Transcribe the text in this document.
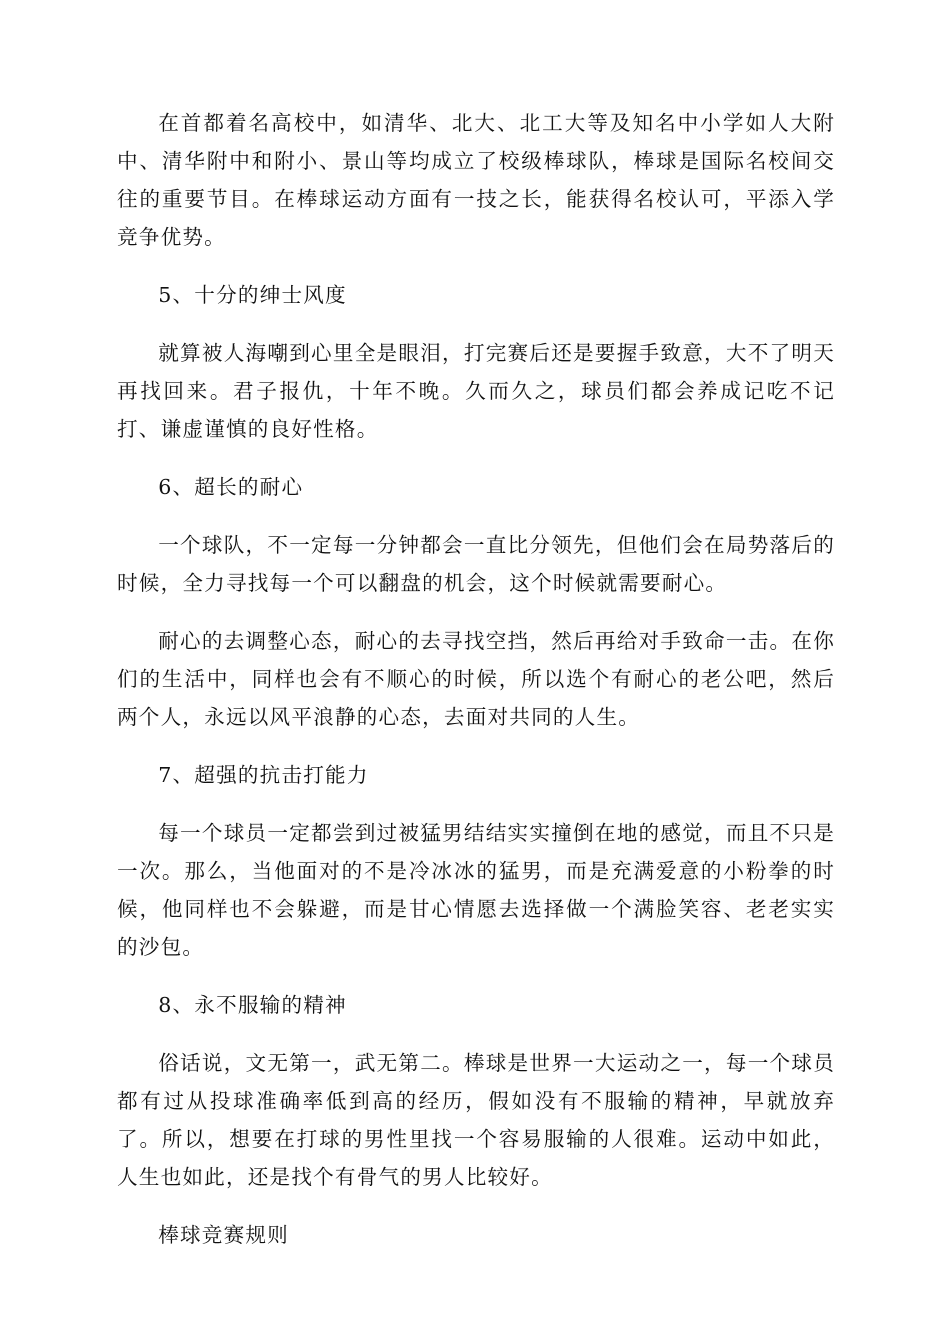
在首都着名高校中，如清华、北大、北工大等及知名中小学如人大附中、清华附中和附小、景山等均成立了校级棒球队，棒球是国际名校间交往的重要节目。在棒球运动方面有一技之长，能获得名校认可，平添入学竞争优势。

5、十分的绅士风度

就算被人海嘲到心里全是眼泪，打完赛后还是要握手致意，大不了明天再找回来。君子报仇，十年不晚。久而久之，球员们都会养成记吃不记打、谦虚谨慎的良好性格。

6、超长的耐心

一个球队，不一定每一分钟都会一直比分领先，但他们会在局势落后的时候，全力寻找每一个可以翻盘的机会，这个时候就需要耐心。

耐心的去调整心态，耐心的去寻找空挡，然后再给对手致命一击。在你们的生活中，同样也会有不顺心的时候，所以选个有耐心的老公吧，然后两个人，永远以风平浪静的心态，去面对共同的人生。

7、超强的抗击打能力

每一个球员一定都尝到过被猛男结结实实撞倒在地的感觉，而且不只是一次。那么，当他面对的不是冷冰冰的猛男，而是充满爱意的小粉拳的时候，他同样也不会躲避，而是甘心情愿去选择做一个满脸笑容、老老实实的沙包。

8、永不服输的精神

俗话说，文无第一，武无第二。棒球是世界一大运动之一，每一个球员都有过从投球准确率低到高的经历，假如没有不服输的精神，早就放弃了。所以，想要在打球的男性里找一个容易服输的人很难。运动中如此，人生也如此，还是找个有骨气的男人比较好。

棒球竞赛规则
